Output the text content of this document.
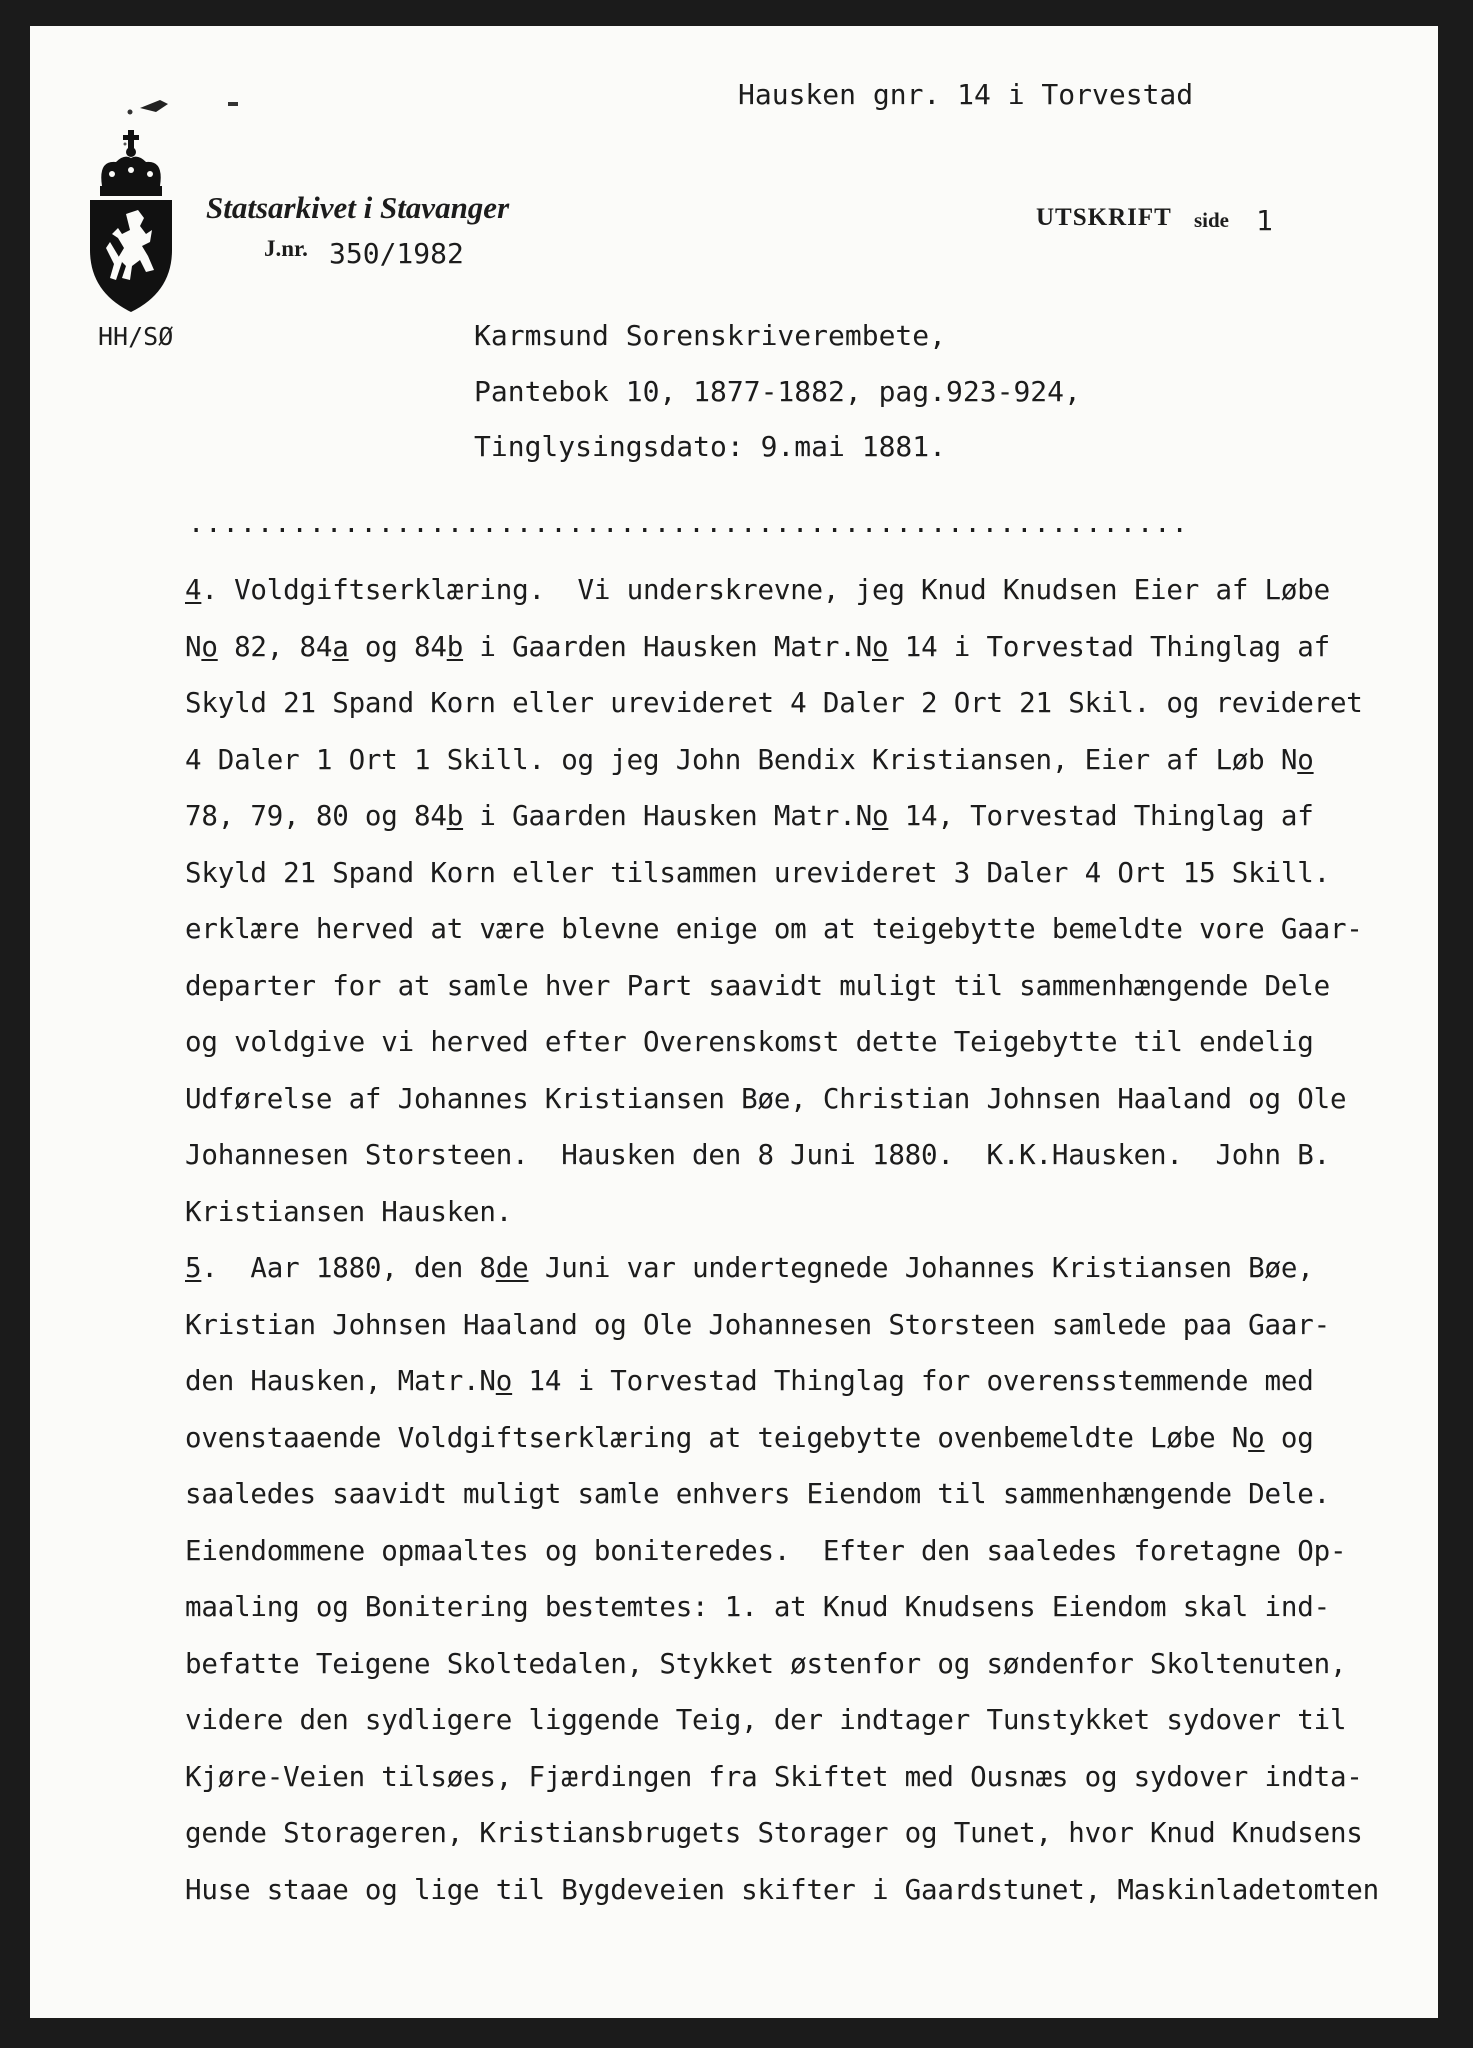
Hausken gnr. 14 i Torvestad
Statsarkivet i Stavanger
J.nr. 350/1982
UTSKRIFT side 1
HH/SØ	Karmsund Sorenskriverembete,
Pantebok 10, 1877-1882, pag.923-924,
Tinglysingsdato: 9.mai 1881.
..........................................................
4. Voldgiftserklæring.  Vi underskrevne, jeg Knud Knudsen Eier af Løbe
No 82, 84a og 84b i Gaarden Hausken Matr.No 14 i Torvestad Thinglag af
Skyld 21 Spand Korn eller urevideret 4 Daler 2 Ort 21 Skil. og revideret
4 Daler 1 Ort 1 Skill. og jeg John Bendix Kristiansen, Eier af Løb No
78, 79, 80 og 84b i Gaarden Hausken Matr.No 14, Torvestad Thinglag af
Skyld 21 Spand Korn eller tilsammen urevideret 3 Daler 4 Ort 15 Skill.
erklære herved at være blevne enige om at teigebytte bemeldte vore Gaar-
departer for at samle hver Part saavidt muligt til sammenhængende Dele
og voldgive vi herved efter Overenskomst dette Teigebytte til endelig
Udførelse af Johannes Kristiansen Bøe, Christian Johnsen Haaland og Ole
Johannesen Storsteen.  Hausken den 8 Juni 1880.  K.K.Hausken.  John B.
Kristiansen Hausken.
5.  Aar 1880, den 8de Juni var undertegnede Johannes Kristiansen Bøe,
Kristian Johnsen Haaland og Ole Johannesen Storsteen samlede paa Gaar-
den Hausken, Matr.No 14 i Torvestad Thinglag for overensstemmende med
ovenstaaende Voldgiftserklæring at teigebytte ovenbemeldte Løbe No og
saaledes saavidt muligt samle enhvers Eiendom til sammenhængende Dele.
Eiendommene opmaaltes og boniteredes.  Efter den saaledes foretagne Op-
maaling og Bonitering bestemtes: 1. at Knud Knudsens Eiendom skal ind-
befatte Teigene Skoltedalen, Stykket østenfor og søndenfor Skoltenuten,
videre den sydligere liggende Teig, der indtager Tunstykket sydover til
Kjøre-Veien tilsøes, Fjærdingen fra Skiftet med Ousnæs og sydover indta-
gende Storageren, Kristiansbrugets Storager og Tunet, hvor Knud Knudsens
Huse staae og lige til Bygdeveien skifter i Gaardstunet, Maskinladetomten
